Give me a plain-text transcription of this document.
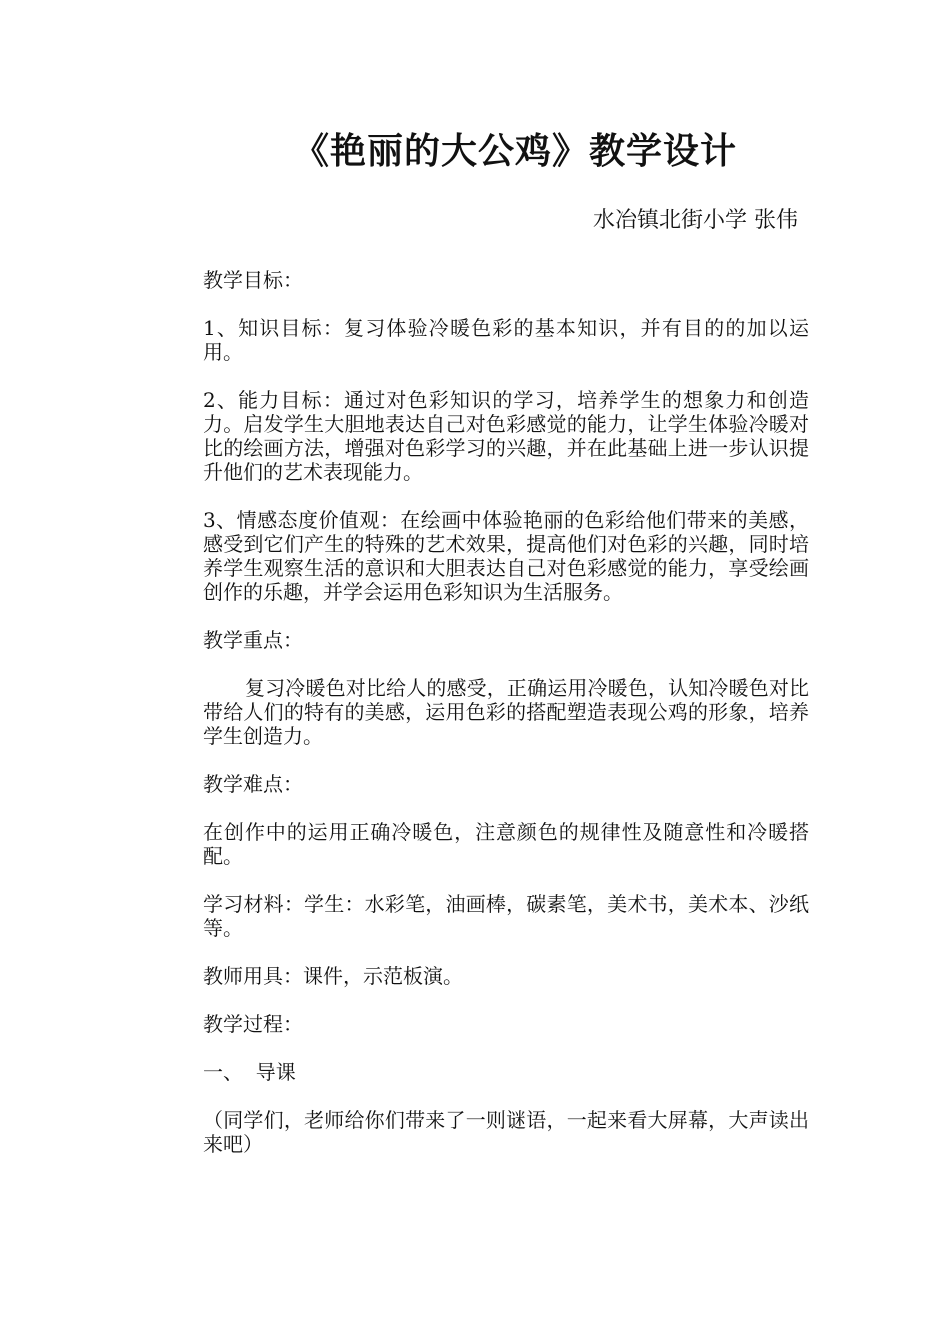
《艳丽的大公鸡》教学设计
水冶镇北街小学 张伟

教学目标：

1、知识目标：复习体验冷暖色彩的基本知识，并有目的的加以运用。

2、能力目标：通过对色彩知识的学习，培养学生的想象力和创造力。启发学生大胆地表达自己对色彩感觉的能力，让学生体验冷暖对比的绘画方法，增强对色彩学习的兴趣，并在此基础上进一步认识提升他们的艺术表现能力。

3、情感态度价值观：在绘画中体验艳丽的色彩给他们带来的美感，感受到它们产生的特殊的艺术效果，提高他们对色彩的兴趣，同时培养学生观察生活的意识和大胆表达自己对色彩感觉的能力，享受绘画创作的乐趣，并学会运用色彩知识为生活服务。

教学重点：

复习冷暖色对比给人的感受，正确运用冷暖色，认知冷暖色对比带给人们的特有的美感，运用色彩的搭配塑造表现公鸡的形象，培养学生创造力。

教学难点：

在创作中的运用正确冷暖色，注意颜色的规律性及随意性和冷暖搭配。

学习材料：学生：水彩笔，油画棒，碳素笔，美术书，美术本、沙纸等。

教师用具：课件，示范板演。

教学过程：

一、  导课

（同学们，老师给你们带来了一则谜语，一起来看大屏幕，大声读出来吧）
